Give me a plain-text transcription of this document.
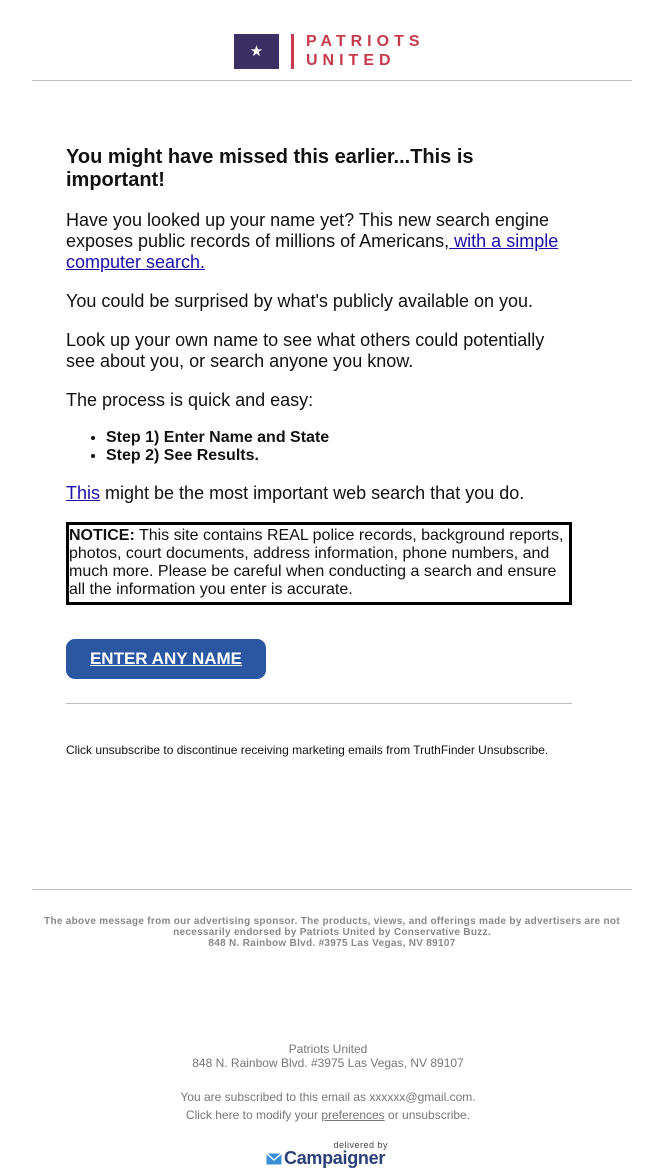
★
PATRIOTS
UNITED
You might have missed this earlier...This is important!

Have you looked up your name yet? This new search engine exposes public records of millions of Americans, with a simple computer search.

You could be surprised by what's publicly available on you.

Look up your own name to see what others could potentially see about you, or search anyone you know.

The process is quick and easy:

• Step 1) Enter Name and State
• Step 2) See Results.

This might be the most important web search that you do.

NOTICE: This site contains REAL police records, background reports, photos, court documents, address information, phone numbers, and much more. Please be careful when conducting a search and ensure all the information you enter is accurate.
ENTER ANY NAME
Click unsubscribe to discontinue receiving marketing emails from TruthFinder Unsubscribe.
The above message from our advertising sponsor. The products, views, and offerings made by advertisers are not necessarily endorsed by Patriots United by Conservative Buzz.
848 N. Rainbow Blvd. #3975 Las Vegas, NV 89107
Patriots United
848 N. Rainbow Blvd. #3975 Las Vegas, NV 89107
You are subscribed to this email as xxxxxx@gmail.com.
Click here to modify your preferences or unsubscribe.
delivered by
Campaigner
